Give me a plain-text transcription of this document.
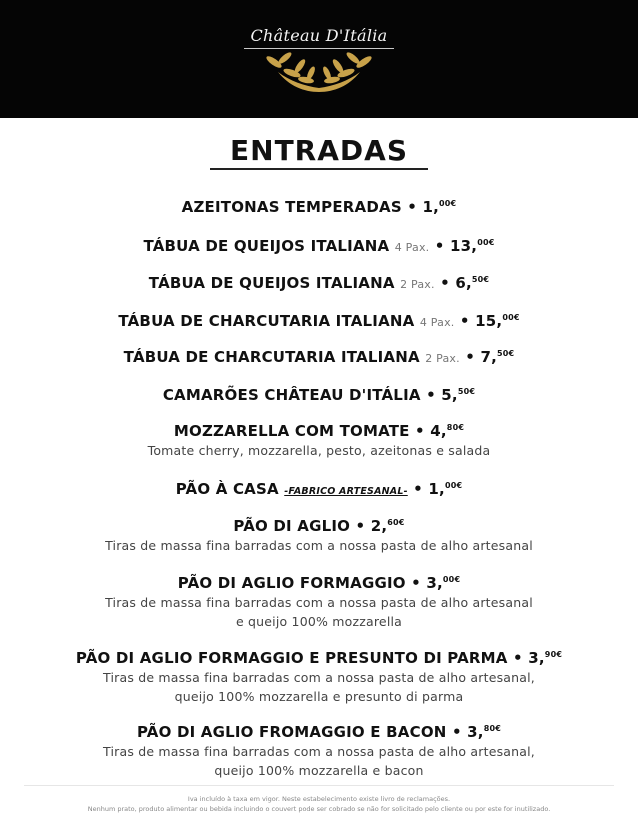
Château D'Itália
ENTRADAS
AZEITONAS TEMPERADAS • 1,$^{00€}$
TÁBUA DE QUEIJOS ITALIANA 4 Pax. • 13,$^{00€}$
TÁBUA DE QUEIJOS ITALIANA 2 Pax. • 6,$^{50€}$
TÁBUA DE CHARCUTARIA ITALIANA 4 Pax. • 15,$^{00€}$
TÁBUA DE CHARCUTARIA ITALIANA 2 Pax. • 7,$^{50€}$
CAMARÕES CHÂTEAU D'ITÁLIA • 5,$^{50€}$
MOZZARELLA COM TOMATE • 4,$^{80€}$
Tomate cherry, mozzarella, pesto, azeitonas e salada
PÃO À CASA -FABRICO ARTESANAL- • 1,$^{00€}$
PÃO DI AGLIO • 2,$^{60€}$
Tiras de massa fina barradas com a nossa pasta de alho artesanal
PÃO DI AGLIO FORMAGGIO • 3,$^{00€}$
Tiras de massa fina barradas com a nossa pasta de alho artesanal
e queijo 100% mozzarella
PÃO DI AGLIO FORMAGGIO E PRESUNTO DI PARMA • 3,$^{90€}$
Tiras de massa fina barradas com a nossa pasta de alho artesanal,
queijo 100% mozzarella e presunto di parma
PÃO DI AGLIO FROMAGGIO E BACON • 3,$^{80€}$
Tiras de massa fina barradas com a nossa pasta de alho artesanal,
queijo 100% mozzarella e bacon
Iva incluído à taxa em vigor. Neste estabelecimento existe livro de reclamações.
Nenhum prato, produto alimentar ou bebida incluindo o couvert pode ser cobrado se não for solicitado pelo cliente ou por este for inutilizado.
